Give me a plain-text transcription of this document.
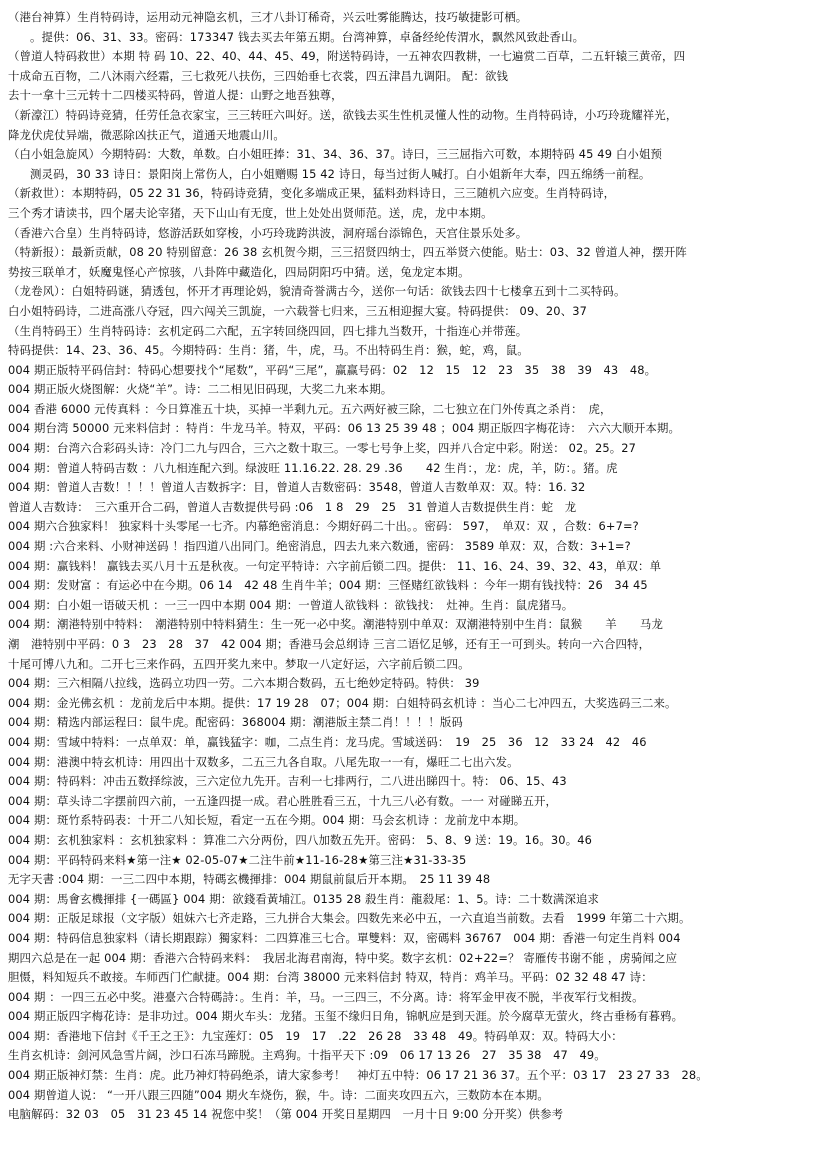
（港台神算）生肖特码诗，运用动元神隐玄机，三才八卦订稀奇，兴云吐雾能腾达，技巧敏捷影可栖。
。提供：06、31、33。密码：173347 钱去买去年第五期。台湾神算，卓备经纶传渭水，飘然风致赴香山。
（曾道人特码救世）本期 特 码 10、22、40、44、45、49，附送特码诗，一五神农四教耕，一七遍赏二百草，二五轩辕三黄帝，四
十成命五百物，二八沐雨六经霜，三七救死八扶伤，三四始垂七衣裳，四五津昌九调阳。 配：欲钱
去十一拿十三元转十二四楼买特码，曾道人提：山野之地吾独尊，
（新濠江）特码诗竞猜，任劳任急衣家宝，三三转旺六叫好。送，欲钱去买生性机灵懂人性的动物。生肖特码诗，小巧玲珑耀祥光，
降龙伏虎仗异端，微恶除凶扶正气，道通天地震山川。
（白小姐急旋风）今期特码：大数，单数。白小姐旺捧：31、34、36、37。诗曰，三三屈指六可数，本期特码 45 49 白小姐预
测灵码，30 33 诗日：景阳岗上常伤人，白小姐赠赐 15 42 诗日，每当过街人喊打。白小姐新年大奉，四五绵绣一前程。
（新救世）：本期特码，05 22 31 36，特码诗竞猜，变化多端成正果，猛料劲料诗日，三三随机六应变。生肖特码诗，
三个秀才请读书，四个屠夫论宰猪，天下山山有无度，世上处处出贤师范。送，虎，龙中本期。
（香港六合皇）生肖特码诗，悠游活跃如穿梭，小巧玲珑跨洪波，洞府瑶台添锦色，天宫住景乐处多。
（特新报）：最新贡献，08 20 特别留意：26 38 玄机贺今期，三三招贤四纳士，四五举贤六使能。贴士：03、32 曾道人神，摆开阵
势按三联单才，妖魔鬼怪心产惊骇，八卦阵中藏造化，四局阴阳巧中猜。送，兔龙定本期。
（龙卷风）：白姐特码谜，猜透包，怀开才再理论妈，貌清奇誉满古今，送你一句话：欲钱去四十七楼拿五到十二买特码。
白小姐特码诗，二进高涨八夺冠，四六闯关三凯旋，一六载誉七归来，三五相迎握大宴。特码提供： 09、20、37
（生肖特码王）生肖特码诗：玄机定码二六配，五字转回绕四回，四七排九当数开，十指连心并带莲。
特码提供：14、23、36、45。今期特码：生肖：猪，牛，虎，马。不出特码生肖：猴，蛇，鸡，鼠。
004 期正版特平码信封：特码心想要找个“尾数”，平码“三尾”，赢赢号码：02　12　15　12　23　35　38　39　43　48。
004 期正版火烧图解：火烧“羊”。诗：二二相见旧码现，大奖二九来本期。
004 香港 6000 元传真料 ：今日算准五十块，买掉一半剩九元。五六两好被三除，二七独立在门外传真之杀肖：　虎，
004 期台湾 50000 元来料信封 ：特肖：牛龙马羊。特双，平码：06 13 25 39 48 ；004 期正版四字梅花诗：　六六大顺开本期。
004 期：台湾六合彩码头诗：冷门二九与四合，三六之数十取三。一零七号争上奖，四并八合定中彩。附送： 02。25。27
004 期：曾道人特码吉数 ：八九相连配六到。绿波旺 11.16.22. 28. 29 .36　　42 生肖：，龙：虎，羊，防：。猪。虎
004 期：曾道人吉数！！！！曾道人吉数拆字：目，曾道人吉数密码：3548，曾道人吉数单双：双。特：16. 32
曾道人吉数诗：　三六重开合二码，曾道人吉数提供号码 :06　1 8　29　25　31 曾道人吉数提供生肖：蛇　龙
004 期六合独家料！ 独家料十头零尾一七齐。内幕绝密消息：今期好码二十出。。密码： 597，　单双：双 ，合数：6+7=?
004 期 :六合来料、小财神送码 ！指四道八出同门。绝密消息，四去九来六数通，密码： 3589 单双：双，合数：3+1=?
004 期：赢钱料！ 赢钱去买八月十五是秋夜。一句定平特诗：六字前后锁二四。提供： 11、16、24、39、32、43，单双：单
004 期：发财富 ：有运必中在今期。06 14　42 48 生肖牛羊；004 期：三怪赌红欲钱料 ：今年一期有钱找特：26　34 45
004 期：白小姐一语破天机 ：一三一四中本期 004 期：一曾道人欲钱料 ：欲钱找：　灶神。生肖：鼠虎猪马。
004 期：潮港特别中特料：　潮港特别中特料猜生：生一死一必中奖。潮港特别中单双：双潮港特别中生肖：鼠猴　　羊　　马龙
潮　港特别中平码：0 3　23　28　37　42 004 期；香港马会总纲诗 三言二语忆足够，还有王一可到头。转向一六合四特，
十尾可博八九和。二开七三来作码，五四开奖九来中。梦取一八定好运，六字前后锁二四。
004 期：三六相隔八拉线，选码立功四一劳。二六本期合数码，五七绝妙定特码。特供： 39
004 期：金光佛玄机 ：龙前龙后中本期。提供：17 19 28　07；004 期：白姐特码玄机诗 ：当心二七冲四五，大奖选码三二来。
004 期：精选内部运程曰：鼠牛虎。配密码：368004 期：潮港版主禁二肖！！！！版码
004 期：雪域中特料：一点单双：单，赢钱猛字：咖，二点生肖：龙马虎。雪域送码：　19　25　36　12　33 24　42　46
004 期：港澳中特玄机诗：用四出十双数多，二五三九各自取。八尾先取一一有，爆旺二七出六发。
004 期：特码料：冲击五数择综波，三六定位九先开。吉利一七排两行，二八进出睇四十。特： 06、15、43
004 期：草头诗二字摆前四六前，一五逢四提一成。君心胜胜看三五，十九三八必有数。一一 对碰睇五开，
004 期：斑竹系特码表：十开二八知长短，看定一五在今期。004 期：马会玄机诗 ：龙前龙中本期。
004 期：玄机独家料 ：玄机独家料 ：算准二六分两份，四八加数五先开。密码： 5、8、9 送：19。16。30。46
004 期：平码特码来料★第一注★ 02-05-07★二注牛前★11-16-28★第三注★31-33-35
无字天書 :004 期：一三二四中本期，特碼玄機揮排：004 期鼠前鼠后开本期。　25 11 39 48
004 期：馬會玄機揮排 {一碼區} 004 期：欲錢看黃埔江。0135 28 殺生肖：龍殺尾：1、5。诗：二十数满深追求
004 期：正版足球报（文字版）姐妹六七齐走路，三九拼合大集会。四数先来必中五，一六直追当前数。去看　1999 年第二十六期。
004 期：特码信息独家料（请长期跟踪）獨家料：二四算准三七合。單雙料：双，密碼料 36767　004 期：香港一句定生肖料 004
期四六总是在一起 004 期：香港六合特码来料：　我居北海君南海，特中奖。数字玄机：02+22=？ 寄雁传书谢不能 ，虏骑闻之应
胆慑，料知短兵不敢接。车师西门伫献捷。004 期：台湾 38000 元来料信封 特双，特肖：鸡羊马。平码：02 32 48 47 诗：
004 期 ：一四三五必中奖。港臺六合特碼詩：。生肖：羊，马。一三四三，不分离。诗：将军金甲夜不脱，半夜军行戈相拨。
004 期正版四字梅花诗：是非功过。004 期火车头：龙猪。玉玺不缘归日角，锦帆应是到天涯。於今腐草无萤火，终古垂杨有暮鸦。
004 期：香港地下信封《千王之王》：九宝莲灯：05　19　17　.22　26 28　33 48　49。特码单双：双。特码大小：
生肖玄机诗：剑河风急雪片阔，沙口石冻马蹄脱。主鸡狗。十指平天下 :09　06 17 13 26　27　35 38　47　49。
004 期正版神灯禁：生肖：虎。此乃神灯特码绝杀，请大家参考！　神灯五中特：06 17 21 36 37。五个平：03 17　23 27 33　28。
004 期曾道人说： “一开八跟三四随”004 期火车烧伤，猴，牛。诗：二面夹攻四五六，三数防本在本期。
电脑解码：32 03　05　31 23 45 14 祝您中奖！（第 004 开奖日星期四　一月十日 9:00 分开奖）供参考
